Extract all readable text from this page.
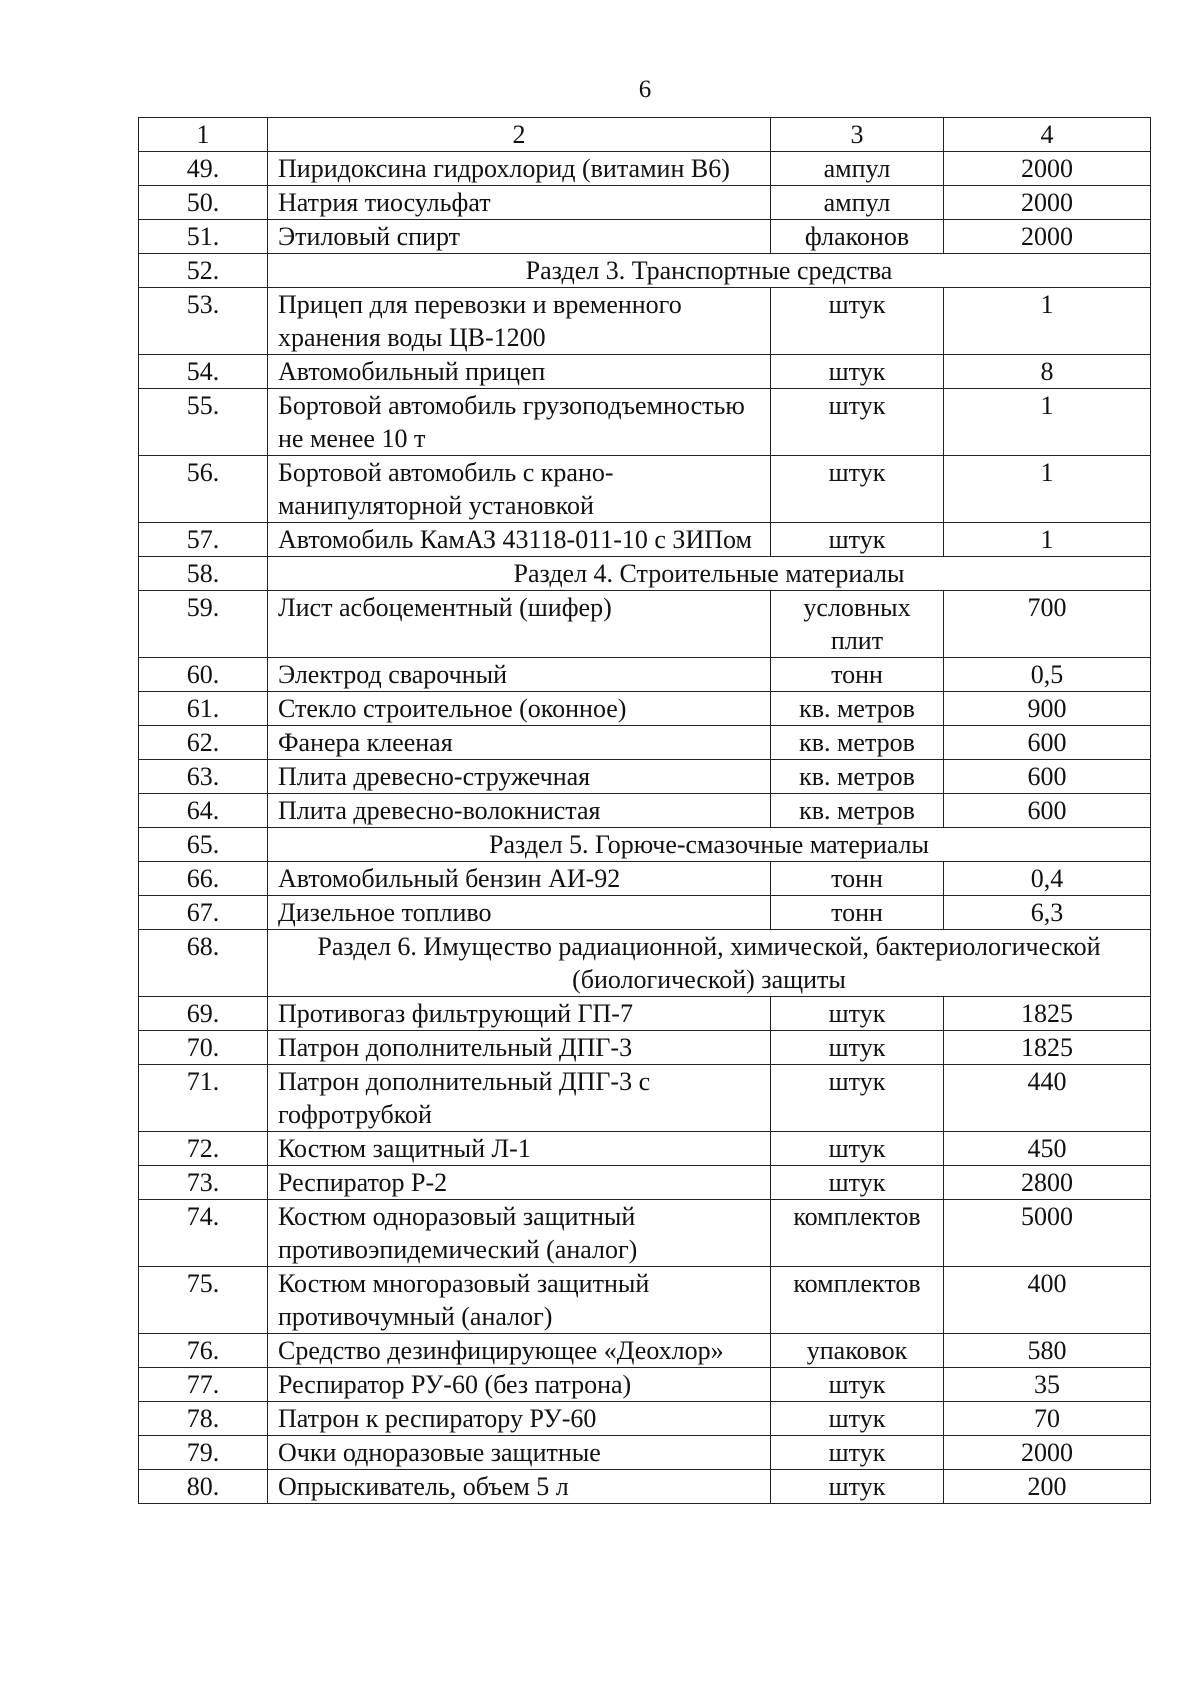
6
1	2	3	4
49.	Пиридоксина гидрохлорид (витамин В6)	ампул	2000
50.	Натрия тиосульфат	ампул	2000
51.	Этиловый спирт	флаконов	2000
52.	Раздел 3. Транспортные средства		
53.	Прицеп для перевозки и временного хранения воды ЦВ-1200	штук	1
54.	Автомобильный прицеп	штук	8
55.	Бортовой автомобиль грузоподъемностью не менее 10 т	штук	1
56.	Бортовой автомобиль с крано-манипуляторной установкой	штук	1
57.	Автомобиль КамАЗ 43118-011-10 с ЗИПом	штук	1
58.	Раздел 4. Строительные материалы		
59.	Лист асбоцементный (шифер)	условных плит	700
60.	Электрод сварочный	тонн	0,5
61.	Стекло строительное (оконное)	кв. метров	900
62.	Фанера клееная	кв. метров	600
63.	Плита древесно-стружечная	кв. метров	600
64.	Плита древесно-волокнистая	кв. метров	600
65.	Раздел 5. Горюче-смазочные материалы		
66.	Автомобильный бензин АИ-92	тонн	0,4
67.	Дизельное топливо	тонн	6,3
68.	Раздел 6. Имущество радиационной, химической, бактериологической (биологической) защиты		
69.	Противогаз фильтрующий ГП-7	штук	1825
70.	Патрон дополнительный ДПГ-3	штук	1825
71.	Патрон дополнительный ДПГ-3 с гофротрубкой	штук	440
72.	Костюм защитный Л-1	штук	450
73.	Респиратор Р-2	штук	2800
74.	Костюм одноразовый защитный противоэпидемический (аналог)	комплектов	5000
75.	Костюм многоразовый защитный противочумный (аналог)	комплектов	400
76.	Средство дезинфицирующее «Деохлор»	упаковок	580
77.	Респиратор РУ-60 (без патрона)	штук	35
78.	Патрон к респиратору РУ-60	штук	70
79.	Очки одноразовые защитные	штук	2000
80.	Опрыскиватель, объем 5 л	штук	200
